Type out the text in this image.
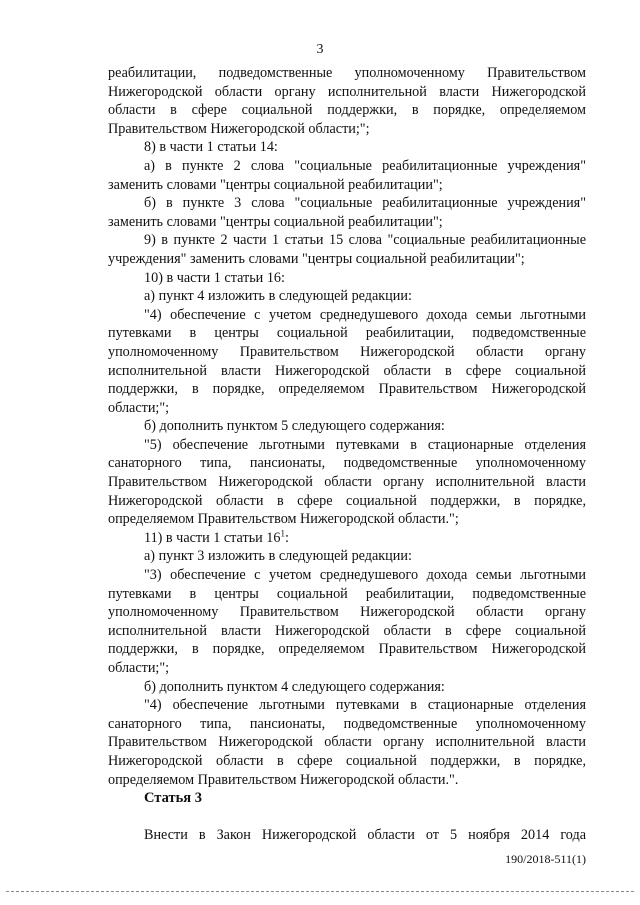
3

реабилитации, подведомственные уполномоченному Правительством Нижегородской области органу исполнительной власти Нижегородской области в сфере социальной поддержки, в порядке, определяемом Правительством Нижегородской области;";

8) в части 1 статьи 14:

а) в пункте 2 слова "социальные реабилитационные учреждения" заменить словами "центры социальной реабилитации";

б) в пункте 3 слова "социальные реабилитационные учреждения" заменить словами "центры социальной реабилитации";

9) в пункте 2 части 1 статьи 15 слова "социальные реабилитационные учреждения" заменить словами "центры социальной реабилитации";

10) в части 1 статьи 16:

а) пункт 4 изложить в следующей редакции:

"4) обеспечение с учетом среднедушевого дохода семьи льготными путевками в центры социальной реабилитации, подведомственные уполномоченному Правительством Нижегородской области органу исполнительной власти Нижегородской области в сфере социальной поддержки, в порядке, определяемом Правительством Нижегородской области;";

б) дополнить пунктом 5 следующего содержания:

"5) обеспечение льготными путевками в стационарные отделения санаторного типа, пансионаты, подведомственные уполномоченному Правительством Нижегородской области органу исполнительной власти Нижегородской области в сфере социальной поддержки, в порядке, определяемом Правительством Нижегородской области.";

11) в части 1 статьи $16^1$:

а) пункт 3 изложить в следующей редакции:

"3) обеспечение с учетом среднедушевого дохода семьи льготными путевками в центры социальной реабилитации, подведомственные уполномоченному Правительством Нижегородской области органу исполнительной власти Нижегородской области в сфере социальной поддержки, в порядке, определяемом Правительством Нижегородской области;";

б) дополнить пунктом 4 следующего содержания:

"4) обеспечение льготными путевками в стационарные отделения санаторного типа, пансионаты, подведомственные уполномоченному Правительством Нижегородской области органу исполнительной власти Нижегородской области в сфере социальной поддержки, в порядке, определяемом Правительством Нижегородской области.".

Статья 3

Внести в Закон Нижегородской области от 5 ноября 2014 года

190/2018-511(1)
